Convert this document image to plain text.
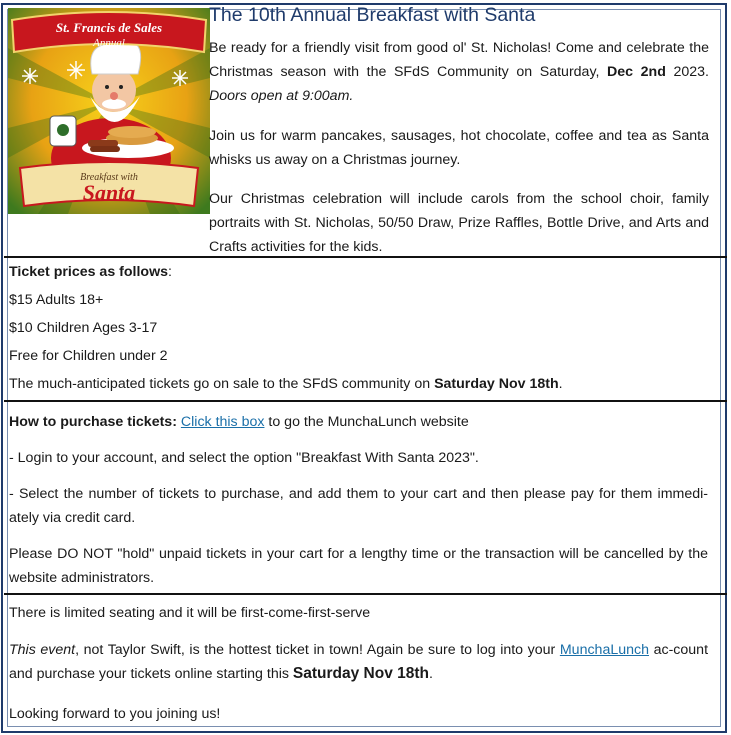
St. Francis de Sales
Annual
Breakfast with
Santa
The 10th Annual Breakfast with Santa
Be ready for a friendly visit from good ol' St. Nicholas! Come and celebrate the Christmas season with the SFdS Community on Saturday, Dec 2nd 2023. Doors open at 9:00am.
Join us for warm pancakes, sausages, hot chocolate, coffee and tea as Santa whisks us away on a Christmas journey.
Our Christmas celebration will include carols from the school choir, family portraits with St. Nicholas, 50/50 Draw, Prize Raffles, Bottle Drive, and Arts and Crafts activities for the kids.
Ticket prices as follows:
$15 Adults 18+
$10 Children Ages 3-17
Free for Children under 2
The much-anticipated tickets go on sale to the SFdS community on Saturday Nov 18th.
How to purchase tickets: Click this box to go the MunchaLunch website
- Login to your account, and select the option "Breakfast With Santa 2023".
- Select the number of tickets to purchase, and add them to your cart and then please pay for them immedi-ately via credit card.
Please DO NOT "hold" unpaid tickets in your cart for a lengthy time or the transaction will be cancelled by the website administrators.
There is limited seating and it will be first-come-first-serve
This event, not Taylor Swift, is the hottest ticket in town! Again be sure to log into your MunchaLunch ac-count and purchase your tickets online starting this Saturday Nov 18th.
Looking forward to you joining us!
